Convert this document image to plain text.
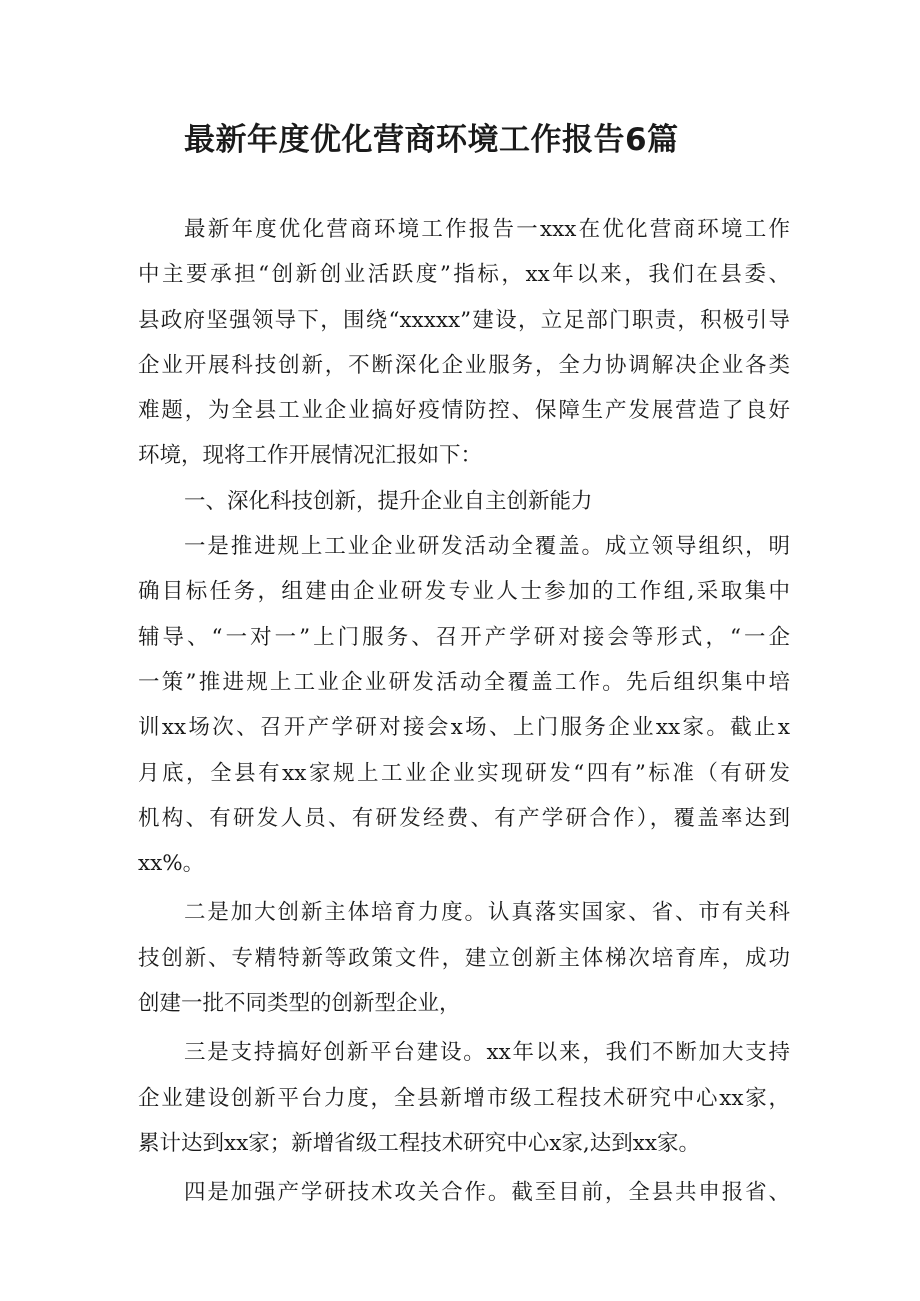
最新年度优化营商环境工作报告6篇
最新年度优化营商环境工作报告一xxx在优化营商环境工作
中主要承担“创新创业活跃度”指标，xx年以来，我们在县委、
县政府坚强领导下，围绕“xxxxx”建设，立足部门职责，积极引导
企业开展科技创新，不断深化企业服务，全力协调解决企业各类
难题，为全县工业企业搞好疫情防控、保障生产发展营造了良好
环境，现将工作开展情况汇报如下：
一、深化科技创新，提升企业自主创新能力
一是推进规上工业企业研发活动全覆盖。成立领导组织，明
确目标任务，组建由企业研发专业人士参加的工作组,采取集中
辅导、“一对一”上门服务、召开产学研对接会等形式，“一企
一策”推进规上工业企业研发活动全覆盖工作。先后组织集中培
训xx场次、召开产学研对接会x场、上门服务企业xx家。截止x
月底，全县有xx家规上工业企业实现研发“四有”标准（有研发
机构、有研发人员、有研发经费、有产学研合作），覆盖率达到
xx%。
二是加大创新主体培育力度。认真落实国家、省、市有关科
技创新、专精特新等政策文件，建立创新主体梯次培育库，成功
创建一批不同类型的创新型企业，
三是支持搞好创新平台建设。xx年以来，我们不断加大支持
企业建设创新平台力度，全县新增市级工程技术研究中心xx家，
累计达到xx家；新增省级工程技术研究中心x家,达到xx家。
四是加强产学研技术攻关合作。截至目前，全县共申报省、
